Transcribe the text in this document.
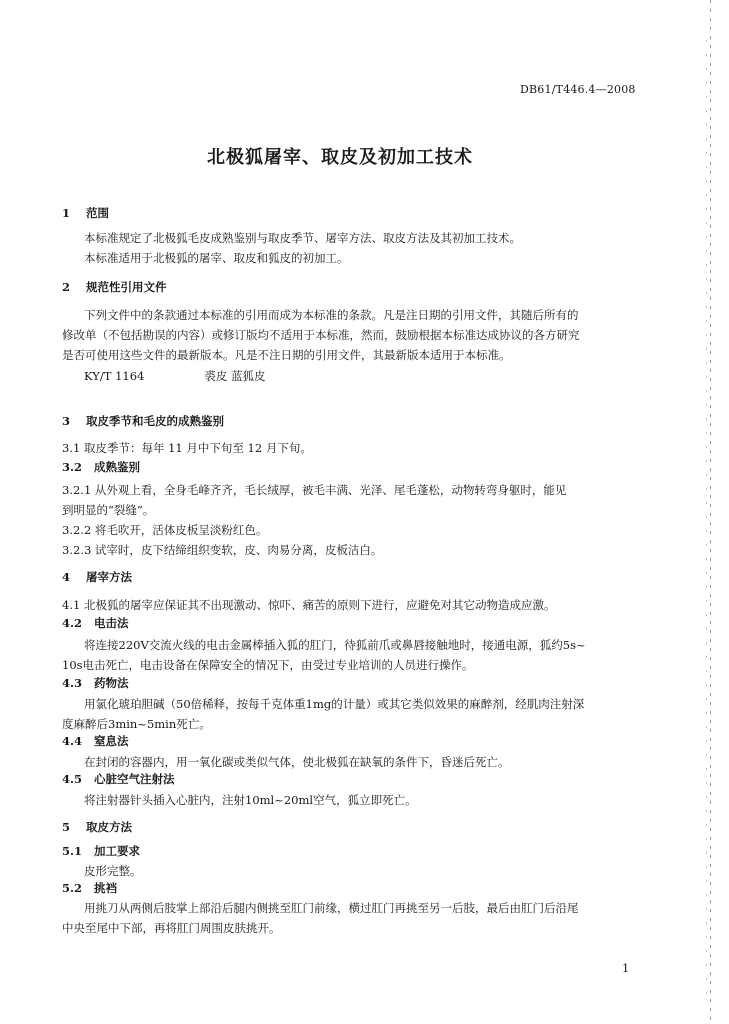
DB61/T446.4—2008
北极狐屠宰、取皮及初加工技术
1 范围
本标准规定了北极狐毛皮成熟鉴别与取皮季节、屠宰方法、取皮方法及其初加工技术。
本标准适用于北极狐的屠宰、取皮和狐皮的初加工。
2 规范性引用文件
下列文件中的条款通过本标准的引用而成为本标准的条款。凡是注日期的引用文件，其随后所有的
修改单（不包括勘误的内容）或修订版均不适用于本标准，然而，鼓励根据本标准达成协议的各方研究
是否可使用这些文件的最新版本。凡是不注日期的引用文件，其最新版本适用于本标准。
KY/T 1164	裘皮 蓝狐皮
3 取皮季节和毛皮的成熟鉴别
3.1 取皮季节：每年 11 月中下旬至 12 月下旬。
3.2 成熟鉴别
3.2.1 从外观上看，全身毛峰齐齐，毛长绒厚，被毛丰满、光泽、尾毛蓬松，动物转弯身躯时，能见
到明显的“裂缝”。
3.2.2 将毛吹开，活体皮板呈淡粉红色。
3.2.3 试宰时，皮下结缔组织变软，皮、肉易分离，皮板洁白。
4 屠宰方法
4.1 北极狐的屠宰应保证其不出现激动、惊吓、痛苦的原则下进行，应避免对其它动物造成应激。
4.2 电击法
将连接220V交流火线的电击金属棒插入狐的肛门，待狐前爪或鼻唇接触地时，接通电源，狐约5s~
10s电击死亡，电击设备在保障安全的情况下，由受过专业培训的人员进行操作。
4.3 药物法
用氯化琥珀胆碱（50倍稀释，按每千克体重1mg的计量）或其它类似效果的麻醉剂，经肌肉注射深
度麻醉后3min~5min死亡。
4.4 窒息法
在封闭的容器内，用一氧化碳或类似气体，使北极狐在缺氧的条件下，昏迷后死亡。
4.5 心脏空气注射法
将注射器针头插入心脏内，注射10ml~20ml空气，狐立即死亡。
5 取皮方法
5.1 加工要求
皮形完整。
5.2 挑裆
用挑刀从两侧后肢掌上部沿后腿内侧挑至肛门前缘，横过肛门再挑至另一后肢，最后由肛门后沿尾
中央至尾中下部，再将肛门周围皮肤挑开。
1
